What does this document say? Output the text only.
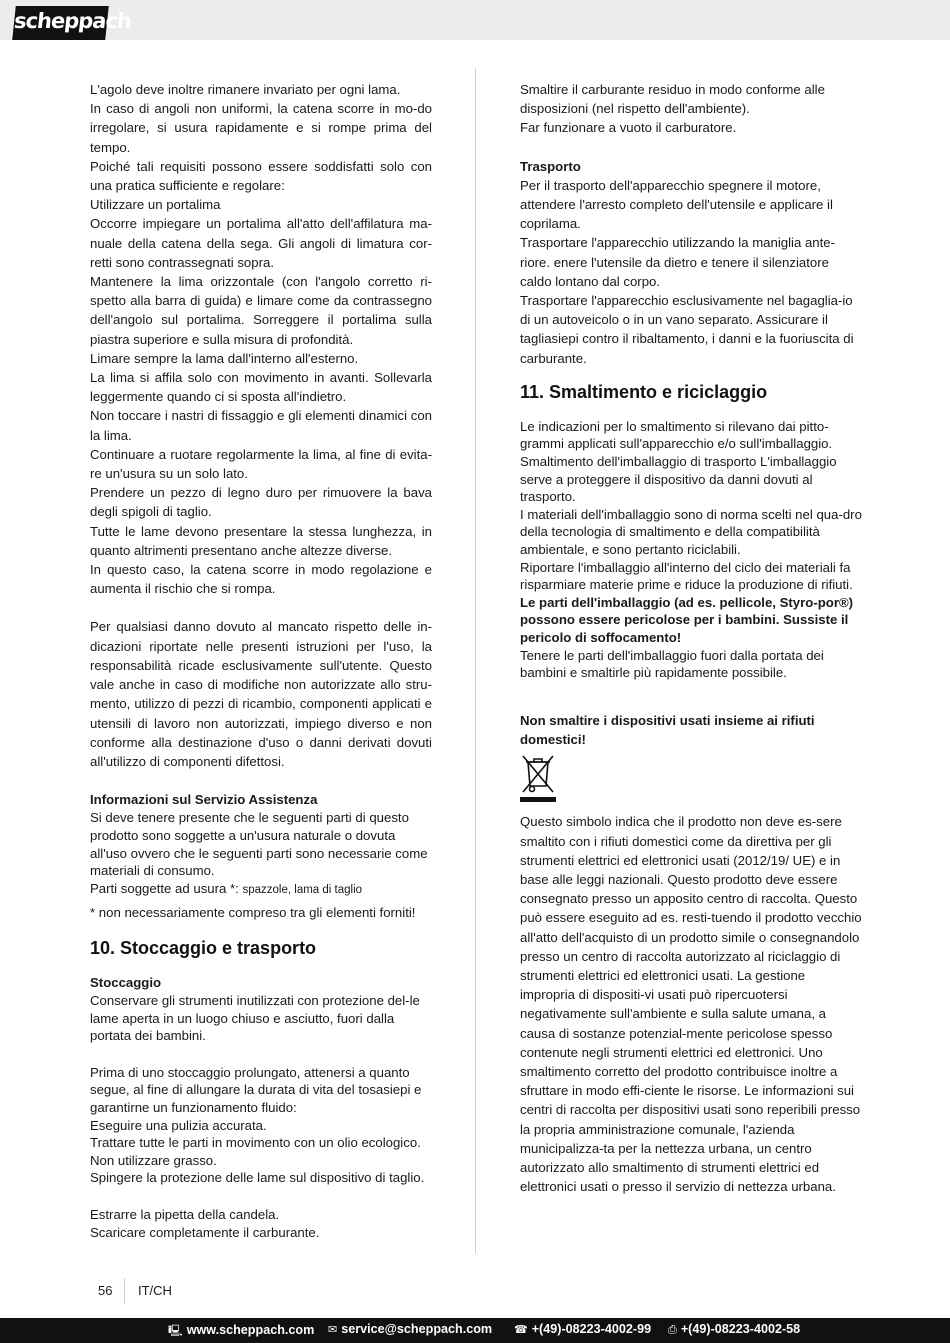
scheppach
L'agolo deve inoltre rimanere invariato per ogni lama.
In caso di angoli non uniformi, la catena scorre in mo-do irregolare, si usura rapidamente e si rompe prima del tempo.
Poiché tali requisiti possono essere soddisfatti solo con una pratica sufficiente e regolare:
Utilizzare un portalima
Occorre impiegare un portalima all'atto dell'affilatura ma-nuale della catena della sega. Gli angoli di limatura cor-retti sono contrassegnati sopra.
Mantenere la lima orizzontale (con l'angolo corretto ri-spetto alla barra di guida) e limare come da contrassegno dell'angolo sul portalima. Sorreggere il portalima sulla piastra superiore e sulla misura di profondità.
Limare sempre la lama dall'interno all'esterno.
La lima si affila solo con movimento in avanti. Sollevarla leggermente quando ci si sposta all'indietro.
Non toccare i nastri di fissaggio e gli elementi dinamici con la lima.
Continuare a ruotare regolarmente la lima, al fine di evita-re un'usura su un solo lato.
Prendere un pezzo di legno duro per rimuovere la bava degli spigoli di taglio.
Tutte le lame devono presentare la stessa lunghezza, in quanto altrimenti presentano anche altezze diverse.
In questo caso, la catena scorre in modo regolazione e aumenta il rischio che si rompa.
Per qualsiasi danno dovuto al mancato rispetto delle in-dicazioni riportate nelle presenti istruzioni per l'uso, la responsabilità ricade esclusivamente sull'utente. Questo vale anche in caso di modifiche non autorizzate allo stru-mento, utilizzo di pezzi di ricambio, componenti applicati e utensili di lavoro non autorizzati, impiego diverso e non conforme alla destinazione d'uso o danni derivati dovuti all'utilizzo di componenti difettosi.
Informazioni sul Servizio Assistenza
Si deve tenere presente che le seguenti parti di questo prodotto sono soggette a un'usura naturale o dovuta all'uso ovvero che le seguenti parti sono necessarie come materiali di consumo.
Parti soggette ad usura *: spazzole, lama di taglio
* non necessariamente compreso tra gli elementi forniti!
10. Stoccaggio e trasporto
Stoccaggio
Conservare gli strumenti inutilizzati con protezione del-le lame aperta in un luogo chiuso e asciutto, fuori dalla portata dei bambini.
Prima di uno stoccaggio prolungato, attenersi a quanto segue, al fine di allungare la durata di vita del tosasiepi e garantirne un funzionamento fluido:
Eseguire una pulizia accurata.
Trattare tutte le parti in movimento con un olio ecologico.
Non utilizzare grasso.
Spingere la protezione delle lame sul dispositivo di taglio.
Estrarre la pipetta della candela.
Scaricare completamente il carburante.
Smaltire il carburante residuo in modo conforme alle disposizioni (nel rispetto dell'ambiente).
Far funzionare a vuoto il carburatore.
Trasporto
Per il trasporto dell'apparecchio spegnere il motore, attendere l'arresto completo dell'utensile e applicare il coprilama.
Trasportare l'apparecchio utilizzando la maniglia ante-riore. enere l'utensile da dietro e tenere il silenziatore caldo lontano dal corpo.
Trasportare l'apparecchio esclusivamente nel bagaglia-io di un autoveicolo o in un vano separato. Assicurare il tagliasiepi contro il ribaltamento, i danni e la fuoriuscita di carburante.
11. Smaltimento e riciclaggio
Le indicazioni per lo smaltimento si rilevano dai pitto-grammi applicati sull'apparecchio e/o sull'imballaggio.
Smaltimento dell'imballaggio di trasporto L'imballaggio serve a proteggere il dispositivo da danni dovuti al trasporto.
I materiali dell'imballaggio sono di norma scelti nel qua-dro della tecnologia di smaltimento e della compatibilità ambientale, e sono pertanto riciclabili.
Riportare l'imballaggio all'interno del ciclo dei materiali fa risparmiare materie prime e riduce la produzione di rifiuti.
Le parti dell'imballaggio (ad es. pellicole, Styro-por®) possono essere pericolose per i bambini. Sussiste il pericolo di soffocamento!
Tenere le parti dell'imballaggio fuori dalla portata dei bambini e smaltirle più rapidamente possibile.
Non smaltire i dispositivi usati insieme ai rifiuti domestici!
Questo simbolo indica che il prodotto non deve es-sere smaltito con i rifiuti domestici come da direttiva per gli strumenti elettrici ed elettronici usati (2012/19/ UE) e in base alle leggi nazionali. Questo prodotto deve essere consegnato presso un apposito centro di raccolta. Questo può essere eseguito ad es. resti-tuendo il prodotto vecchio all'atto dell'acquisto di un prodotto simile o consegnandolo presso un centro di raccolta autorizzato al riciclaggio di strumenti elettrici ed elettronici usati. La gestione impropria di dispositi-vi usati può ripercuotersi negativamente sull'ambiente e sulla salute umana, a causa di sostanze potenzial-mente pericolose spesso contenute negli strumenti elettrici ed elettronici. Uno smaltimento corretto del prodotto contribuisce inoltre a sfruttare in modo effi-ciente le risorse. Le informazioni sui centri di raccolta per dispositivi usati sono reperibili presso la propria amministrazione comunale, l'azienda municipalizza-ta per la nettezza urbana, un centro autorizzato allo smaltimento di strumenti elettrici ed elettronici usati o presso il servizio di nettezza urbana.
56 IT/CH
🖳 www.scheppach.com ✉ service@scheppach.com ☎ +(49)-08223-4002-99 ⎙ +(49)-08223-4002-58
